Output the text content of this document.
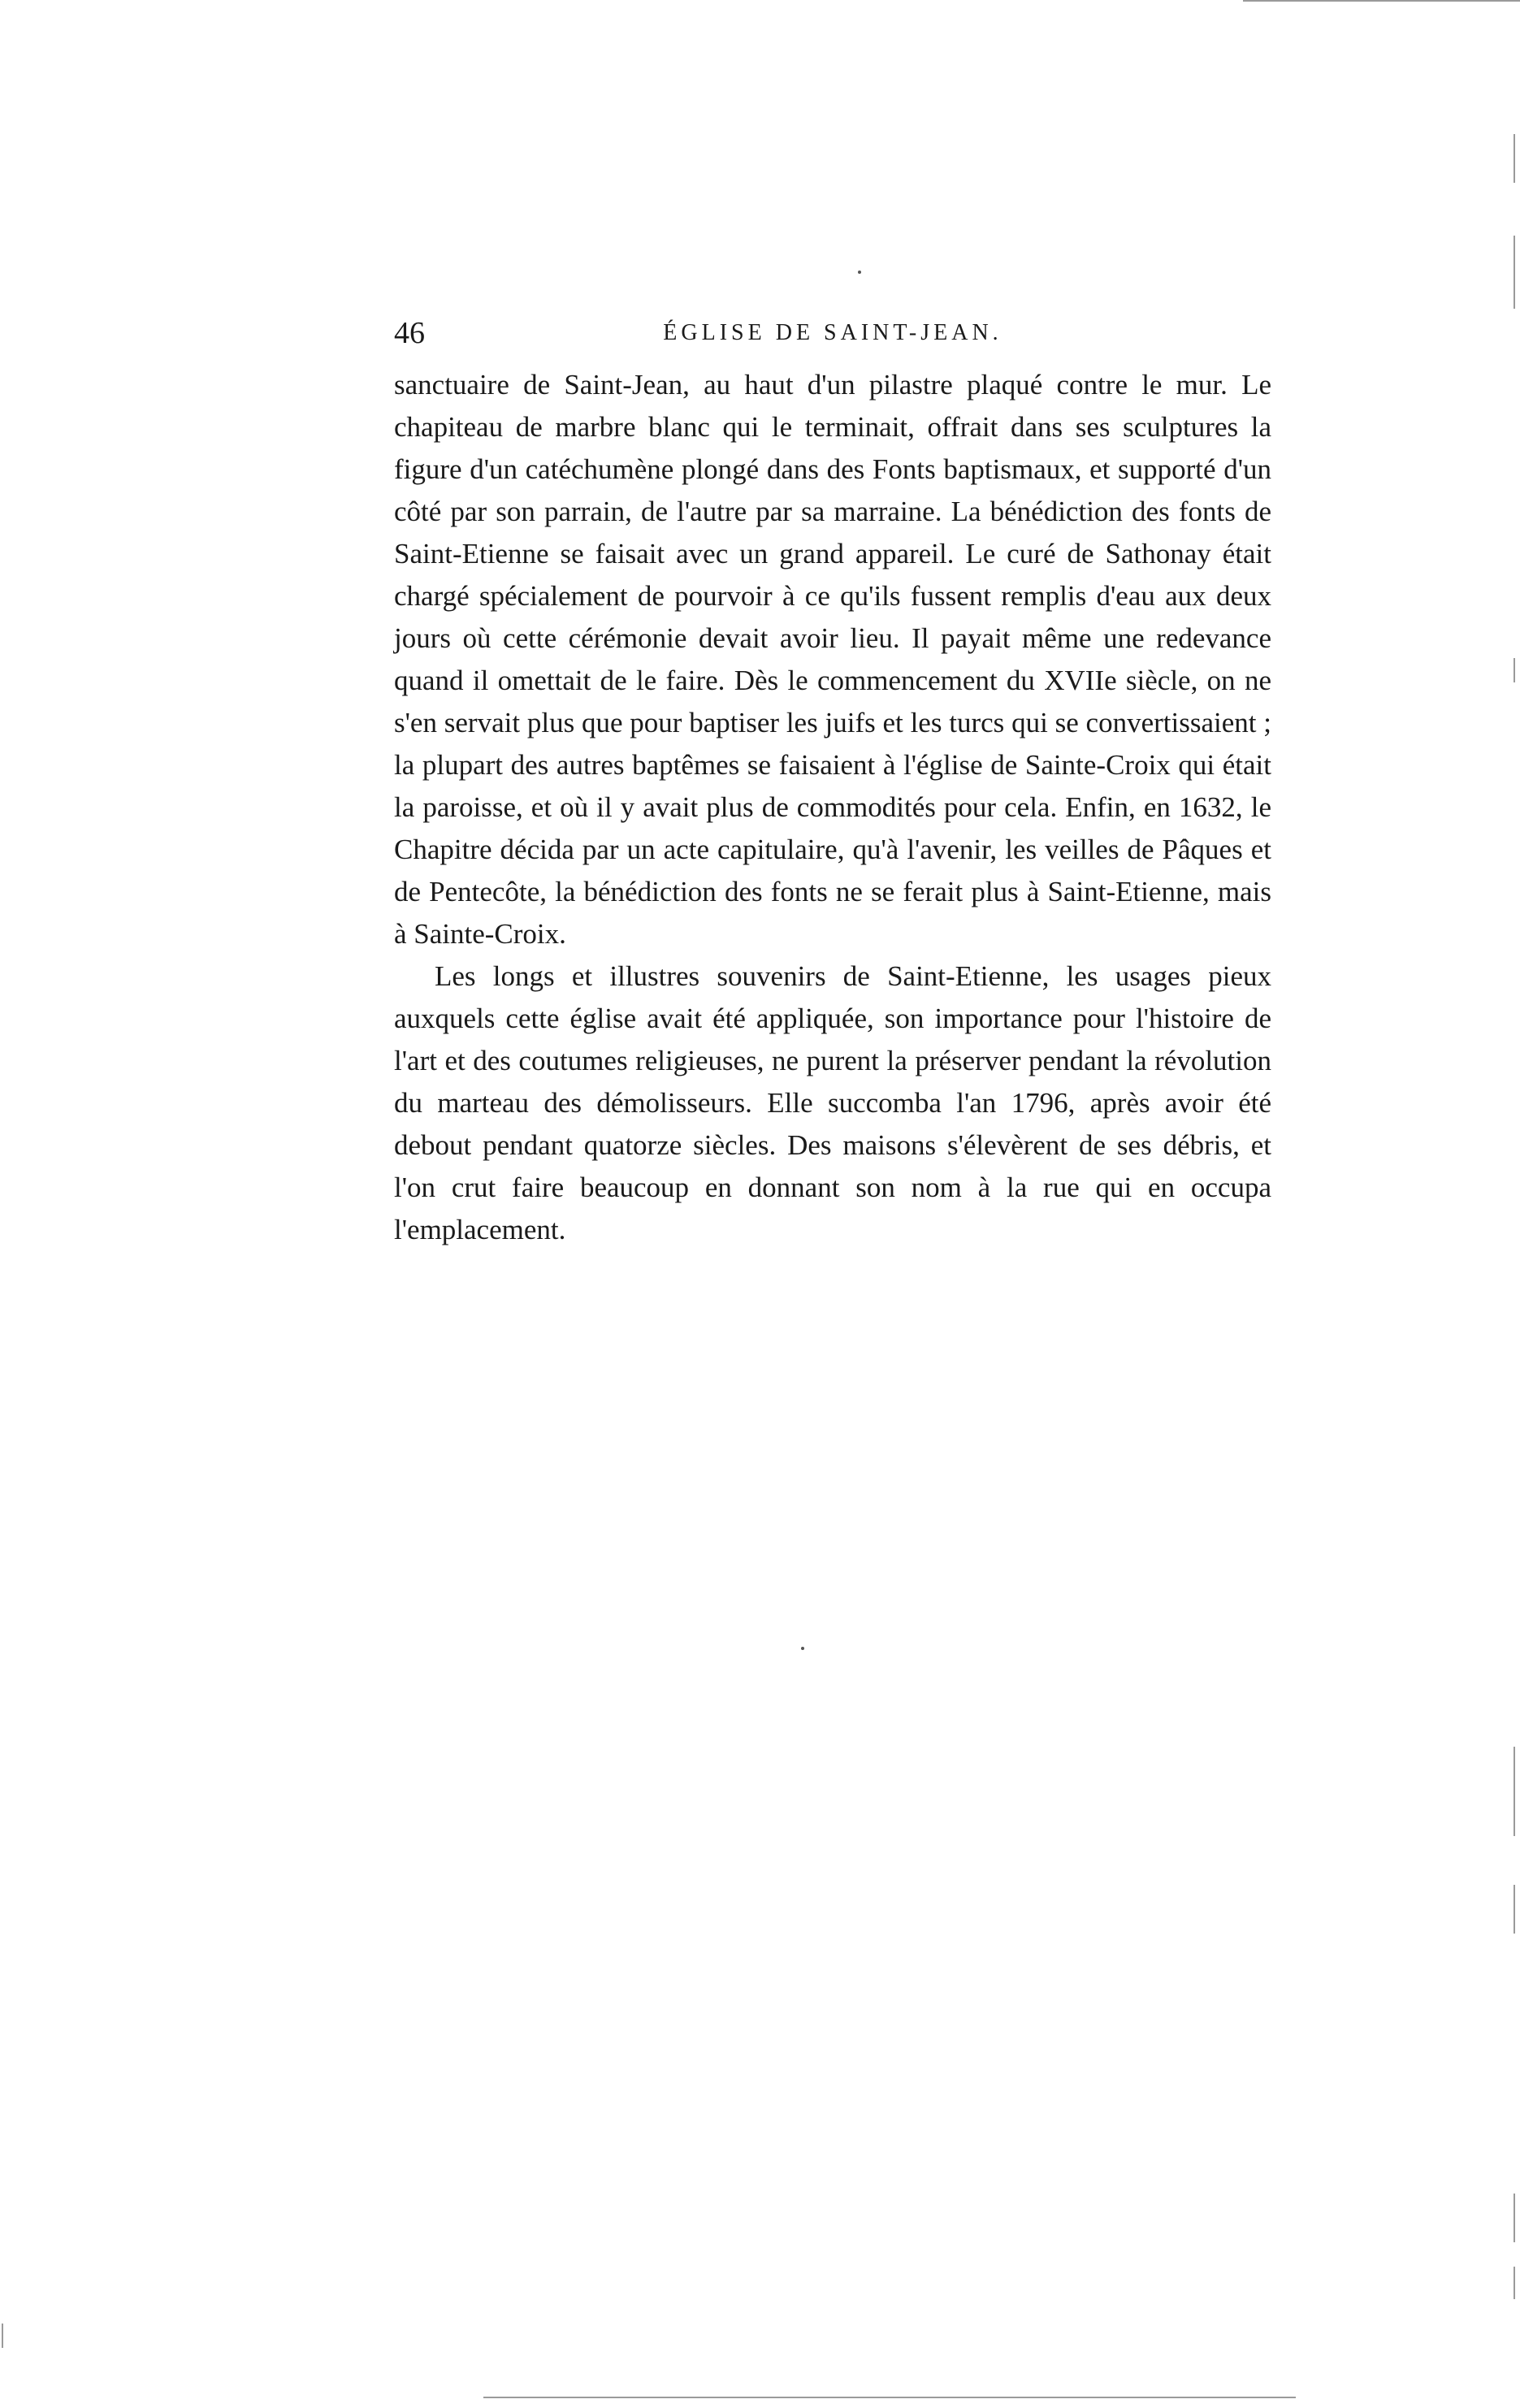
46	ÉGLISE DE SAINT-JEAN.

sanctuaire de Saint-Jean, au haut d'un pilastre plaqué contre le mur. Le chapiteau de marbre blanc qui le terminait, offrait dans ses sculptures la figure d'un catéchumène plongé dans des Fonts baptismaux, et supporté d'un côté par son parrain, de l'autre par sa marraine. La bénédiction des fonts de Saint-Etienne se faisait avec un grand appareil. Le curé de Sathonay était chargé spécialement de pourvoir à ce qu'ils fussent remplis d'eau aux deux jours où cette cérémonie devait avoir lieu. Il payait même une redevance quand il omettait de le faire. Dès le commencement du XVIIe siècle, on ne s'en servait plus que pour baptiser les juifs et les turcs qui se convertissaient ; la plupart des autres baptêmes se faisaient à l'église de Sainte-Croix qui était la paroisse, et où il y avait plus de commodités pour cela. Enfin, en 1632, le Chapitre décida par un acte capitulaire, qu'à l'avenir, les veilles de Pâques et de Pentecôte, la bénédiction des fonts ne se ferait plus à Saint-Etienne, mais à Sainte-Croix.

Les longs et illustres souvenirs de Saint-Etienne, les usages pieux auxquels cette église avait été appliquée, son importance pour l'histoire de l'art et des coutumes religieuses, ne purent la préserver pendant la révolution du marteau des démolisseurs. Elle succomba l'an 1796, après avoir été debout pendant quatorze siècles. Des maisons s'élevèrent de ses débris, et l'on crut faire beaucoup en donnant son nom à la rue qui en occupa l'emplacement.
